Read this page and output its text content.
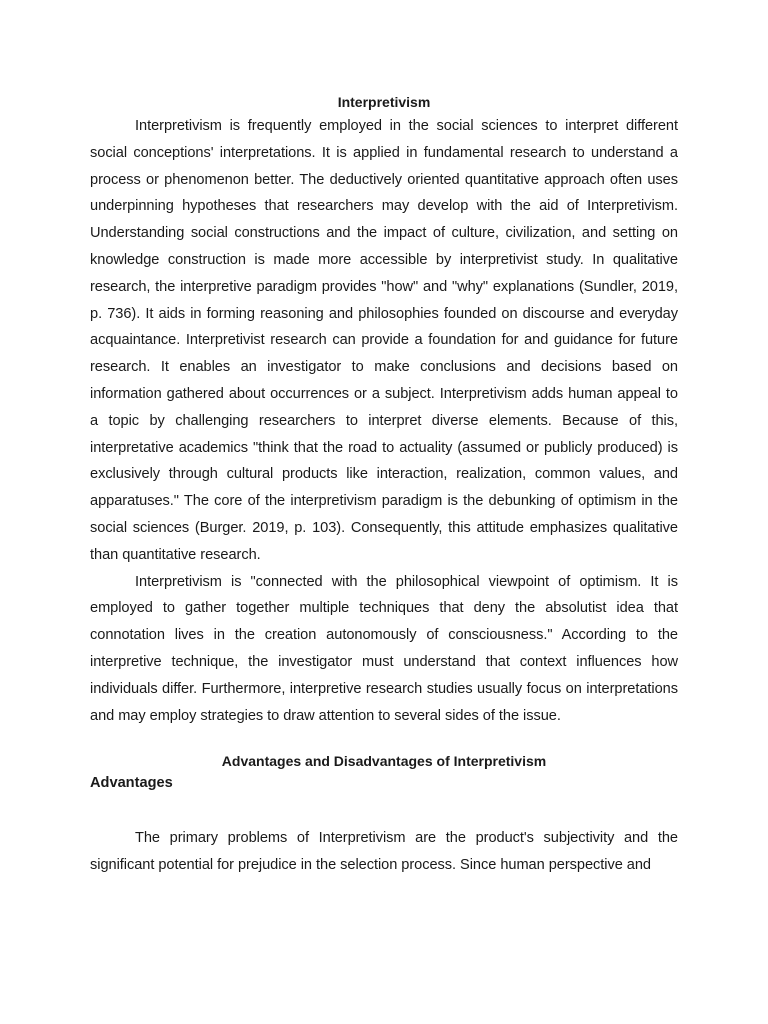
Interpretivism

Interpretivism is frequently employed in the social sciences to interpret different social conceptions' interpretations. It is applied in fundamental research to understand a process or phenomenon better. The deductively oriented quantitative approach often uses underpinning hypotheses that researchers may develop with the aid of Interpretivism. Understanding social constructions and the impact of culture, civilization, and setting on knowledge construction is made more accessible by interpretivist study. In qualitative research, the interpretive paradigm provides "how" and "why" explanations (Sundler, 2019, p. 736). It aids in forming reasoning and philosophies founded on discourse and everyday acquaintance. Interpretivist research can provide a foundation for and guidance for future research. It enables an investigator to make conclusions and decisions based on information gathered about occurrences or a subject. Interpretivism adds human appeal to a topic by challenging researchers to interpret diverse elements. Because of this, interpretative academics "think that the road to actuality (assumed or publicly produced) is exclusively through cultural products like interaction, realization, common values, and apparatuses." The core of the interpretivism paradigm is the debunking of optimism in the social sciences (Burger. 2019, p. 103). Consequently, this attitude emphasizes qualitative than quantitative research.

Interpretivism is "connected with the philosophical viewpoint of optimism. It is employed to gather together multiple techniques that deny the absolutist idea that connotation lives in the creation autonomously of consciousness." According to the interpretive technique, the investigator must understand that context influences how individuals differ. Furthermore, interpretive research studies usually focus on interpretations and may employ strategies to draw attention to several sides of the issue.

Advantages and Disadvantages of Interpretivism
Advantages

The primary problems of Interpretivism are the product's subjectivity and the significant potential for prejudice in the selection process. Since human perspective and
